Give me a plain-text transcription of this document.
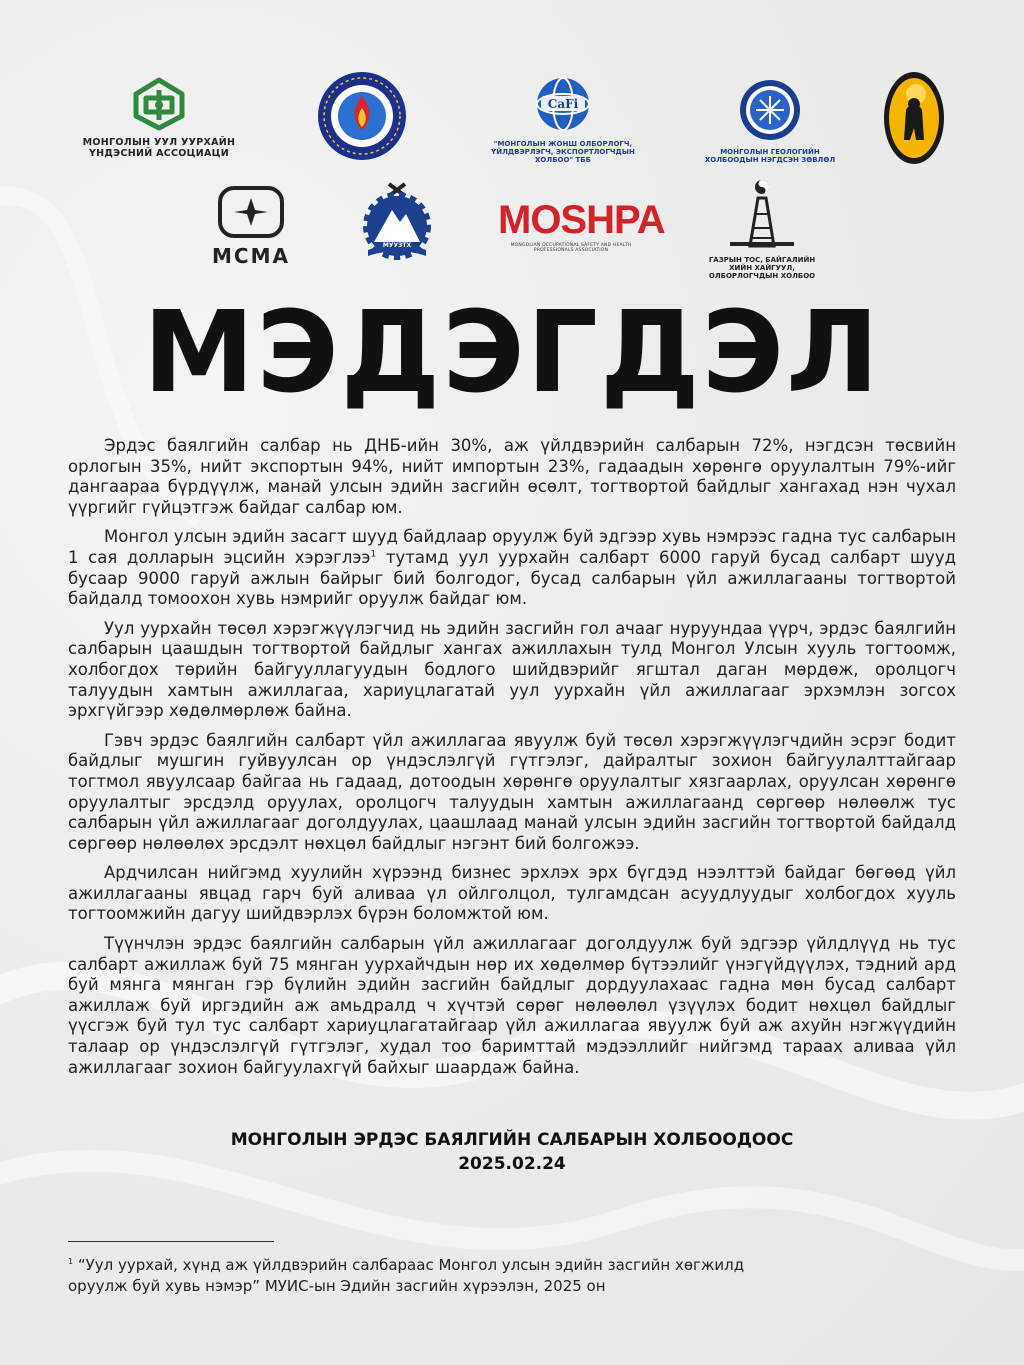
МОНГОЛЫН УУЛ УУРХАЙН ҮНДЭСНИЙ АССОЦИАЦИ
CaFi
"МОНГОЛЫН ЖОНШ ОЛБОРЛОГЧ, ҮЙЛДВЭРЛЭГЧ, ЭКСПОРТЛОГЧДЫН ХОЛБОО" ТББ
МОНГОЛЫН ГЕОЛОГИЙН ХОЛБООДЫН НЭГДСЭН ЗӨВЛӨЛ
2006
MCMA	МУУЗТХ
MOSHPA
MONGOLIAN OCCUPATIONAL SAFETY AND HEALTH PROFESSIONALS ASSOCIATION
ГАЗРЫН ТОС, БАЙГАЛИЙН ХИЙН ХАЙГУУЛ, ОЛБОРЛОГЧДЫН ХОЛБОО
МЭДЭГДЭЛ

Эрдэс баялгийн салбар нь ДНБ-ийн 30%, аж үйлдвэрийн салбарын 72%, нэгдсэн төсвийн орлогын 35%, нийт экспортын 94%, нийт импортын 23%, гадаадын хөрөнгө оруулалтын 79%-ийг дангаараа бүрдүүлж, манай улсын эдийн засгийн өсөлт, тогтвортой байдлыг хангахад нэн чухал үүргийг гүйцэтгэж байдаг салбар юм.

Монгол улсын эдийн засагт шууд байдлаар оруулж буй эдгээр хувь нэмрээс гадна тус салбарын 1 сая долларын эцсийн хэрэглээ$^1$ тутамд уул уурхайн салбарт 6000 гаруй бусад салбарт шууд бусаар 9000 гаруй ажлын байрыг бий болгодог, бусад салбарын үйл ажиллагааны тогтвортой байдалд томоохон хувь нэмрийг оруулж байдаг юм.

Уул уурхайн төсөл хэрэгжүүлэгчид нь эдийн засгийн гол ачааг нуруундаа үүрч, эрдэс баялгийн салбарын цаашдын тогтвортой байдлыг хангах ажиллахын тулд Монгол Улсын хууль тогтоомж, холбогдох төрийн байгууллагуудын бодлого шийдвэрийг ягштал даган мөрдөж, оролцогч талуудын хамтын ажиллагаа, хариуцлагатай уул уурхайн үйл ажиллагааг эрхэмлэн зогсох эрхгүйгээр хөдөлмөрлөж байна.

Гэвч эрдэс баялгийн салбарт үйл ажиллагаа явуулж буй төсөл хэрэгжүүлэгчдийн эсрэг бодит байдлыг мушгин гуйвуулсан ор үндэслэлгүй гүтгэлэг, дайралтыг зохион байгуулалттайгаар тогтмол явуулсаар байгаа нь гадаад, дотоодын хөрөнгө оруулалтыг хязгаарлах, оруулсан хөрөнгө оруулалтыг эрсдэлд оруулах, оролцогч талуудын хамтын ажиллагаанд сөргөөр нөлөөлж тус салбарын үйл ажиллагааг доголдуулах, цаашлаад манай улсын эдийн засгийн тогтвортой байдалд сөргөөр нөлөөлөх эрсдэлт нөхцөл байдлыг нэгэнт бий болгожээ.

Ардчилсан нийгэмд хуулийн хүрээнд бизнес эрхлэх эрх бүгдэд нээлттэй байдаг бөгөөд үйл ажиллагааны явцад гарч буй аливаа үл ойлголцол, тулгамдсан асуудлуудыг холбогдох хууль тогтоомжийн дагуу шийдвэрлэх бүрэн боломжтой юм.

Түүнчлэн эрдэс баялгийн салбарын үйл ажиллагааг доголдуулж буй эдгээр үйлдлүүд нь тус салбарт ажиллаж буй 75 мянган уурхайчдын нөр их хөдөлмөр бүтээлийг үнэгүйдүүлэх, тэдний ард буй мянга мянган гэр бүлийн эдийн засгийн байдлыг дордуулахаас гадна мөн бусад салбарт ажиллаж буй иргэдийн аж амьдралд ч хүчтэй сөрөг нөлөөлөл үзүүлэх бодит нөхцөл байдлыг үүсгэж буй тул тус салбарт хариуцлагатайгаар үйл ажиллагаа явуулж буй аж ахуйн нэгжүүдийн талаар ор үндэслэлгүй гүтгэлэг, худал тоо баримттай мэдээллийг нийгэмд тараах аливаа үйл ажиллагааг зохион байгуулахгүй байхыг шаардаж байна.

МОНГОЛЫН ЭРДЭС БАЯЛГИЙН САЛБАРЫН ХОЛБООДООС
2025.02.24
$^1$ “Уул уурхай, хүнд аж үйлдвэрийн салбараас Монгол улсын эдийн засгийн хөгжилд оруулж буй хувь нэмэр” МУИС-ын Эдийн засгийн хүрээлэн, 2025 он
